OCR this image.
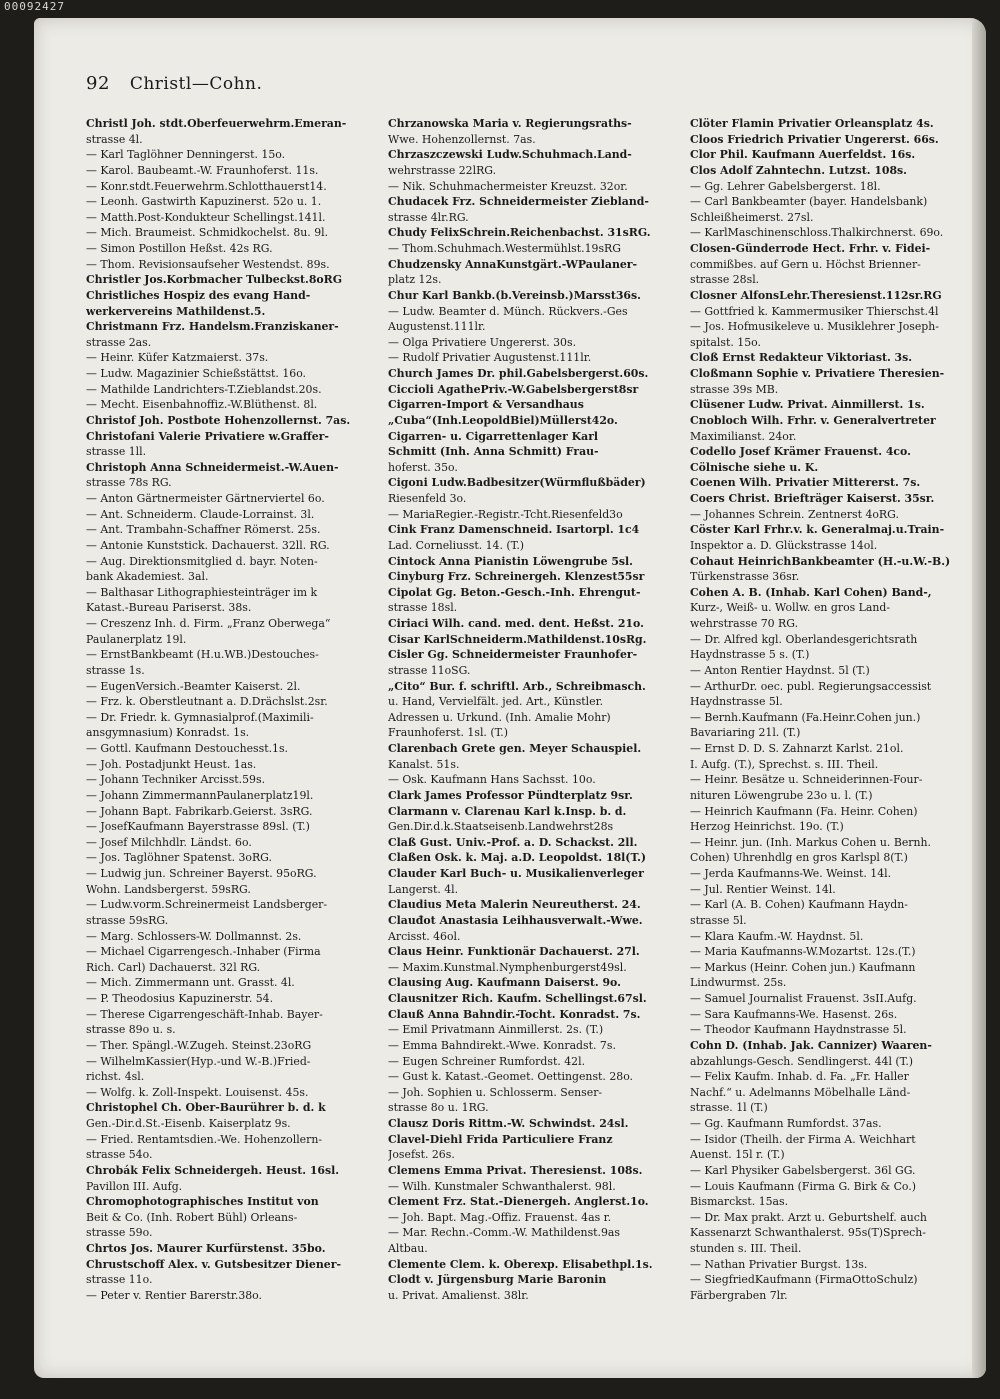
00092427
92 Christl—Cohn.
Christl Joh. stdt.Oberfeuerwehrm.Emeran-
strasse 4l.
— Karl Taglöhner Denningerst. 15o.
— Karol. Baubeamt.-W. Fraunhoferst. 11s.
— Konr.stdt.Feuerwehrm.Schlotthauerst14.
— Leonh. Gastwirth Kapuzinerst. 52o u. 1.
— Matth.Post-Kondukteur Schellingst.141l.
— Mich. Braumeist. Schmidkochelst. 8u. 9l.
— Simon Postillon Heßst. 42s RG.
— Thom. Revisionsaufseher Westendst. 89s.
Christler Jos.Korbmacher Tulbeckst.8oRG
Christliches Hospiz des evang Hand-
werkervereins Mathildenst.5.
Christmann Frz. Handelsm.Franziskaner-
strasse 2as.
— Heinr. Küfer Katzmaierst. 37s.
— Ludw. Magazinier Schießstättst. 16o.
— Mathilde Landrichters-T.Zieblandst.20s.
— Mecht. Eisenbahnoffiz.-W.Blüthenst. 8l.
Christof Joh. Postbote Hohenzollernst. 7as.
Christofani Valerie Privatiere w.Graffer-
strasse 1ll.
Christoph Anna Schneidermeist.-W.Auen-
strasse 78s RG.
— Anton Gärtnermeister Gärtnerviertel 6o.
— Ant. Schneiderm. Claude-Lorrainst. 3l.
— Ant. Trambahn-Schaffner Römerst. 25s.
— Antonie Kunststick. Dachauerst. 32ll. RG.
— Aug. Direktionsmitglied d. bayr. Noten-
bank Akademiest. 3al.
— Balthasar Lithographiesteinträger im k
Katast.-Bureau Pariserst. 38s.
— Creszenz Inh. d. Firm. „Franz Oberwega“
Paulanerplatz 19l.
— ErnstBankbeamt (H.u.WB.)Destouches-
strasse 1s.
— EugenVersich.-Beamter Kaiserst. 2l.
— Frz. k. Oberstleutnant a. D.Drächslst.2sr.
— Dr. Friedr. k. Gymnasialprof.(Maximili-
ansgymnasium) Konradst. 1s.
— Gottl. Kaufmann Destouchesst.1s.
— Joh. Postadjunkt Heust. 1as.
— Johann Techniker Arcisst.59s.
— Johann ZimmermannPaulanerplatz19l.
— Johann Bapt. Fabrikarb.Geierst. 3sRG.
— JosefKaufmann Bayerstrasse 89sl. (T.)
— Josef Milchhdlr. Ländst. 6o.
— Jos. Taglöhner Spatenst. 3oRG.
— Ludwig jun. Schreiner Bayerst. 95oRG.
Wohn. Landsbergerst. 59sRG.
— Ludw.vorm.Schreinermeist Landsberger-
strasse 59sRG.
— Marg. Schlossers-W. Dollmannst. 2s.
— Michael Cigarrengesch.-Inhaber (Firma
Rich. Carl) Dachauerst. 32l RG.
— Mich. Zimmermann unt. Grasst. 4l.
— P. Theodosius Kapuzinerstr. 54.
— Therese Cigarrengeschäft-Inhab. Bayer-
strasse 89o u. s.
— Ther. Spängl.-W.Zugeh. Steinst.23oRG
— WilhelmKassier(Hyp.-und W.-B.)Fried-
richst. 4sl.
— Wolfg. k. Zoll-Inspekt. Louisenst. 45s.
Christophel Ch. Ober-Baurührer b. d. k
Gen.-Dir.d.St.-Eisenb. Kaiserplatz 9s.
— Fried. Rentamtsdien.-We. Hohenzollern-
strasse 54o.
Chrobák Felix Schneidergeh. Heust. 16sl.
Pavillon III. Aufg.
Chromophotographisches Institut von
Beit & Co. (Inh. Robert Bühl) Orleans-
strasse 59o.
Chrtos Jos. Maurer Kurfürstenst. 35bo.
Chrustschoff Alex. v. Gutsbesitzer Diener-
strasse 11o.
— Peter v. Rentier Barerstr.38o.
Chrzanowska Maria v. Regierungsraths-
Wwe. Hohenzollernst. 7as.
Chrzaszczewski Ludw.Schuhmach.Land-
wehrstrasse 22lRG.
— Nik. Schuhmachermeister Kreuzst. 32or.
Chudacek Frz. Schneidermeister Ziebland-
strasse 4lr.RG.
Chudy FelixSchrein.Reichenbachst. 31sRG.
— Thom.Schuhmach.Westermühlst.19sRG
Chudzensky AnnaKunstgärt.-WPaulaner-
platz 12s.
Chur Karl Bankb.(b.Vereinsb.)Marsst36s.
— Ludw. Beamter d. Münch. Rückvers.-Ges
Augustenst.111lr.
— Olga Privatiere Ungererst. 30s.
— Rudolf Privatier Augustenst.111lr.
Church James Dr. phil.Gabelsbergerst.60s.
Ciccioli AgathePriv.-W.Gabelsbergerst8sr
Cigarren-Import & Versandhaus
„Cuba“(Inh.LeopoldBiel)Müllerst42o.
Cigarren- u. Cigarrettenlager Karl
Schmitt (Inh. Anna Schmitt) Frau-
hoferst. 35o.
Cigoni Ludw.Badbesitzer(Würmflußbäder)
Riesenfeld 3o.
— MariaRegier.-Registr.-Tcht.Riesenfeld3o
Cink Franz Damenschneid. Isartorpl. 1c4
Lad. Corneliusst. 14. (T.)
Cintock Anna Pianistin Löwengrube 5sl.
Cinyburg Frz. Schreinergeh. Klenzest55sr
Cipolat Gg. Beton.-Gesch.-Inh. Ehrengut-
strasse 18sl.
Ciriaci Wilh. cand. med. dent. Heßst. 21o.
Cisar KarlSchneiderm.Mathildenst.10sRg.
Cisler Gg. Schneidermeister Fraunhofer-
strasse 11oSG.
„Cito“ Bur. f. schriftl. Arb., Schreibmasch.
u. Hand, Vervielfält. jed. Art., Künstler.
Adressen u. Urkund. (Inh. Amalie Mohr)
Fraunhoferst. 1sl. (T.)
Clarenbach Grete gen. Meyer Schauspiel.
Kanalst. 51s.
— Osk. Kaufmann Hans Sachsst. 10o.
Clark James Professor Pündterplatz 9sr.
Clarmann v. Clarenau Karl k.Insp. b. d.
Gen.Dir.d.k.Staatseisenb.Landwehrst28s
Claß Gust. Univ.-Prof. a. D. Schackst. 2ll.
Claßen Osk. k. Maj. a.D. Leopoldst. 18l(T.)
Clauder Karl Buch- u. Musikalienverleger
Langerst. 4l.
Claudius Meta Malerin Neureutherst. 24.
Clauđot Anastasia Leihhausverwalt.-Wwe.
Arcisst. 46ol.
Claus Heinr. Funktionär Dachauerst. 27l.
— Maxim.Kunstmal.Nymphenburgerst49sl.
Clausing Aug. Kaufmann Daiserst. 9o.
Clausnitzer Rich. Kaufm. Schellingst.67sl.
Clauß Anna Bahndir.-Tocht. Konradst. 7s.
— Emil Privatmann Ainmillerst. 2s. (T.)
— Emma Bahndirekt.-Wwe. Konradst. 7s.
— Eugen Schreiner Rumfordst. 42l.
— Gust k. Katast.-Geomet. Oettingenst. 28o.
— Joh. Sophien u. Schlosserm. Senser-
strasse 8o u. 1RG.
Clausz Doris Rittm.-W. Schwindst. 24sl.
Clavel-Diehl Frida Particuliere Franz
Josefst. 26s.
Clemens Emma Privat. Theresienst. 108s.
— Wilh. Kunstmaler Schwanthalerst. 98l.
Clement Frz. Stat.-Dienergeh. Anglerst.1o.
— Joh. Bapt. Mag.-Offiz. Frauenst. 4as r.
— Mar. Rechn.-Comm.-W. Mathildenst.9as
Altbau.
Clemente Clem. k. Oberexp. Elisabethpl.1s.
Clodt v. Jürgensburg Marie Baronin
u. Privat. Amalienst. 38lr.
Clöter Flamin Privatier Orleansplatz 4s.
Cloos Friedrich Privatier Ungererst. 66s.
Clor Phil. Kaufmann Auerfeldst. 16s.
Clos Adolf Zahntechn. Lutzst. 108s.
— Gg. Lehrer Gabelsbergerst. 18l.
— Carl Bankbeamter (bayer. Handelsbank)
Schleißheimerst. 27sl.
— KarlMaschinenschloss.Thalkirchnerst. 69o.
Closen-Günderrode Hect. Frhr. v. Fidei-
commißbes. auf Gern u. Höchst Brienner-
strasse 28sl.
Closner AlfonsLehr.Theresienst.112sr.RG
— Gottfried k. Kammermusiker Thierschst.4l
— Jos. Hofmusikeleve u. Musiklehrer Joseph-
spitalst. 15o.
Cloß Ernst Redakteur Viktoriast. 3s.
Cloßmann Sophie v. Privatiere Theresien-
strasse 39s MB.
Clüsener Ludw. Privat. Ainmillerst. 1s.
Cnobloch Wilh. Frhr. v. Generalvertreter
Maximilianst. 24or.
Codello Josef Krämer Frauenst. 4co.
Cölnische siehe u. K.
Coenen Wilh. Privatier Mittererst. 7s.
Coers Christ. Briefträger Kaiserst. 35sr.
— Johannes Schrein. Zentnerst 4oRG.
Cöster Karl Frhr.v. k. Generalmaj.u.Train-
Inspektor a. D. Glückstrasse 14ol.
Cohaut HeinrichBankbeamter (H.-u.W.-B.)
Türkenstrasse 36sr.
Cohen A. B. (Inhab. Karl Cohen) Band-,
Kurz-, Weiß- u. Wollw. en gros Land-
wehrstrasse 70 RG.
— Dr. Alfred kgl. Oberlandesgerichtsrath
Haydnstrasse 5 s. (T.)
— Anton Rentier Haydnst. 5l (T.)
— ArthurDr. oec. publ. Regierungsaccessist
Haydnstrasse 5l.
— Bernh.Kaufmann (Fa.Heinr.Cohen jun.)
Bavariaring 21l. (T.)
— Ernst D. D. S. Zahnarzt Karlst. 21ol.
I. Aufg. (T.), Sprechst. s. III. Theil.
— Heinr. Besätze u. Schneiderinnen-Four-
nituren Löwengrube 23o u. l. (T.)
— Heinrich Kaufmann (Fa. Heinr. Cohen)
Herzog Heinrichst. 19o. (T.)
— Heinr. jun. (Inh. Markus Cohen u. Bernh.
Cohen) Uhrenhdlg en gros Karlspl 8(T.)
— Jerda Kaufmanns-We. Weinst. 14l.
— Jul. Rentier Weinst. 14l.
— Karl (A. B. Cohen) Kaufmann Haydn-
strasse 5l.
— Klara Kaufm.-W. Haydnst. 5l.
— Maria Kaufmanns-W.Mozartst. 12s.(T.)
— Markus (Heinr. Cohen jun.) Kaufmann
Lindwurmst. 25s.
— Samuel Journalist Frauenst. 3sII.Aufg.
— Sara Kaufmanns-We. Hasenst. 26s.
— Theodor Kaufmann Haydnstrasse 5l.
Cohn D. (Inhab. Jak. Cannizer) Waaren-
abzahlungs-Gesch. Sendlingerst. 44l (T.)
— Felix Kaufm. Inhab. d. Fa. „Fr. Haller
Nachf.“ u. Adelmanns Möbelhalle Länd-
strasse. 1l (T.)
— Gg. Kaufmann Rumfordst. 37as.
— Isidor (Theilh. der Firma A. Weichhart
Auenst. 15l r. (T.)
— Karl Physiker Gabelsbergerst. 36l GG.
— Louis Kaufmann (Firma G. Birk & Co.)
Bismarckst. 15as.
— Dr. Max prakt. Arzt u. Geburtshelf. auch
Kassenarzt Schwanthalerst. 95s(T)Sprech-
stunden s. III. Theil.
— Nathan Privatier Burgst. 13s.
— SiegfriedKaufmann (FirmaOttoSchulz)
Färbergraben 7lr.
